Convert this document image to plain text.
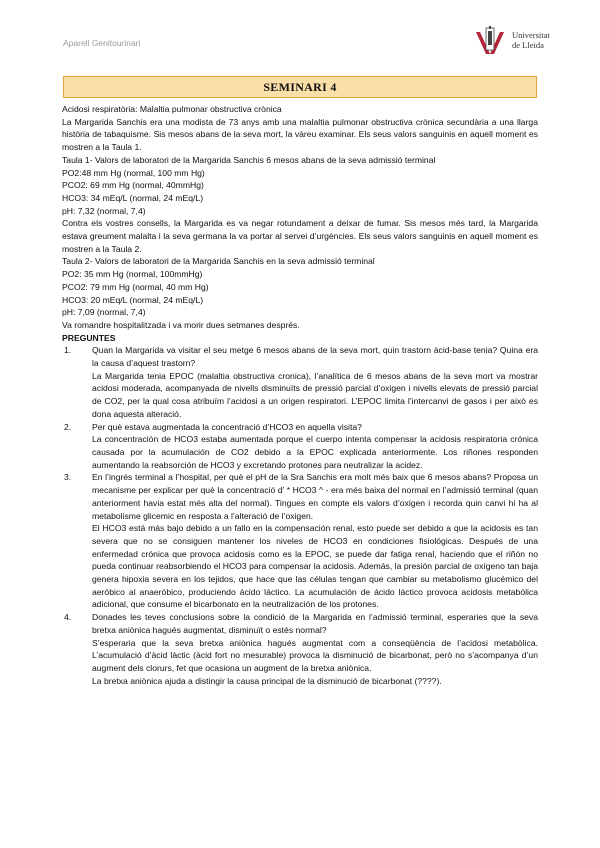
Aparell Genitourinari
Universitat
de Lleida
SEMINARI 4

Acidosi respiratòria: Malaltia pulmonar obstructiva crònica

La Margarida Sanchis era una modista de 73 anys amb una malaltia pulmonar obstructiva crònica secundària a una llarga història de tabaquisme. Sis mesos abans de la seva mort, la vàreu examinar. Els seus valors sanguinis en aquell moment es mostren a la Taula 1.

Taula 1- Valors de laboratori de la Margarida Sanchis 6 mesos abans de la seva admissió terminal

PO2:48 mm Hg (normal, 100 mm Hg)

PCO2: 69 mm Hg (normal, 40mmHg)

HCO3: 34 mEq/L (normal, 24 mEq/L)

pH: 7,32 (normal, 7,4)

Contra els vostres consells, la Margarida es va negar rotundament a deixar de fumar. Sis mesos més tard, la Margarida estava greument malalta i la seva germana la va portar al servei d’urgències. Els seus valors sanguinis en aquell moment es mostren a la Taula 2.

Taula 2- Valors de laboratori de la Margarida Sanchis en la seva admissió terminal

PO2: 35 mm Hg (normal, 100mmHg)

PCO2: 79 mm Hg (normal, 40 mm Hg)

HCO3: 20 mEq/L (normal, 24 mEq/L)

pH: 7,09 (normal, 7,4)

Va romandre hospitalitzada i va morir dues setmanes després.

PREGUNTES

1.	Quan la Margarida va visitar el seu metge 6 mesos abans de la seva mort, quin trastorn àcid-base tenia? Quina era la causa d’aquest trastorn?

La Margarida tenia EPOC (malaltia obstructiva cronica), l’analítica de 6 mesos abans de la seva mort va mostrar acidosi moderada, acompanyada de nivells disminuïts de pressió parcial d’oxigen i nivells elevats de pressió parcial de CO2, per la qual cosa atribuïm l’acidosi a un origen respiratori. L’EPOC limita l’intercanvi de gasos i per això es dona aquesta alteració.

2.	Per què estava augmentada la concentració d’HCO3 en aquella visita?

La concentración de HCO3 estaba aumentada porque el cuerpo intenta compensar la acidosis respiratoria crónica causada por la acumulación de CO2 debido a la EPOC explicada anteriormente. Los riñones responden aumentando la reabsorción de HCO3 y excretando protones para neutralizar la acidez.

3.	En l’ingrés terminal a l’hospital, per què el pH de la Sra Sanchis era molt més baix que 6 mesos abans? Proposa un mecanisme per explicar per què la concentració d’ * HCO3 ^ - era més baixa del normal en l’admissió terminal (quan anteriorment havia estat més alta del normal). Tingues en compte els valors d’oxigen i recorda quin canvi hi ha al metabolisme glicemic en resposta a l’alteració de l’oxigen.

El HCO3 está más bajo debido a un fallo en la compensación renal, esto puede ser debido a que la acidosis es tan severa que no se consiguen mantener los niveles de HCO3 en condiciones fisiológicas. Después de una enfermedad crónica que provoca acidosis como es la EPOC, se puede dar fatiga renal, haciendo que el riñón no pueda continuar reabsorbiendo el HCO3 para compensar la acidosis. Además, la presión parcial de oxígeno tan baja genera hipoxia severa en los tejidos, que hace que las células tengan que cambiar su metabolismo glucémico del aeróbico al anaeróbico, produciendo ácido láctico. La acumulación de ácido láctico provoca acidosis metabólica adicional, que consume el bicarbonato en la neutralización de los protones.

4.	Donades les teves conclusions sobre la condició de la Margarida en l’admissió terminal, esperaries que la seva bretxa aniònica hagués augmentat, disminuït o estés normal?

S’esperaria que la seva bretxa aniònica hagués augmentat com a conseqüència de l’acidosi metabòlica. L’acumulació d’àcid làctic (àcid fort no mesurable) provoca la disminució de bicarbonat, però no s’acompanya d’un augment dels clorurs, fet que ocasiona un augment de la bretxa aniònica.

La bretxa aniònica ajuda a distingir la causa principal de la disminució de bicarbonat (????).
